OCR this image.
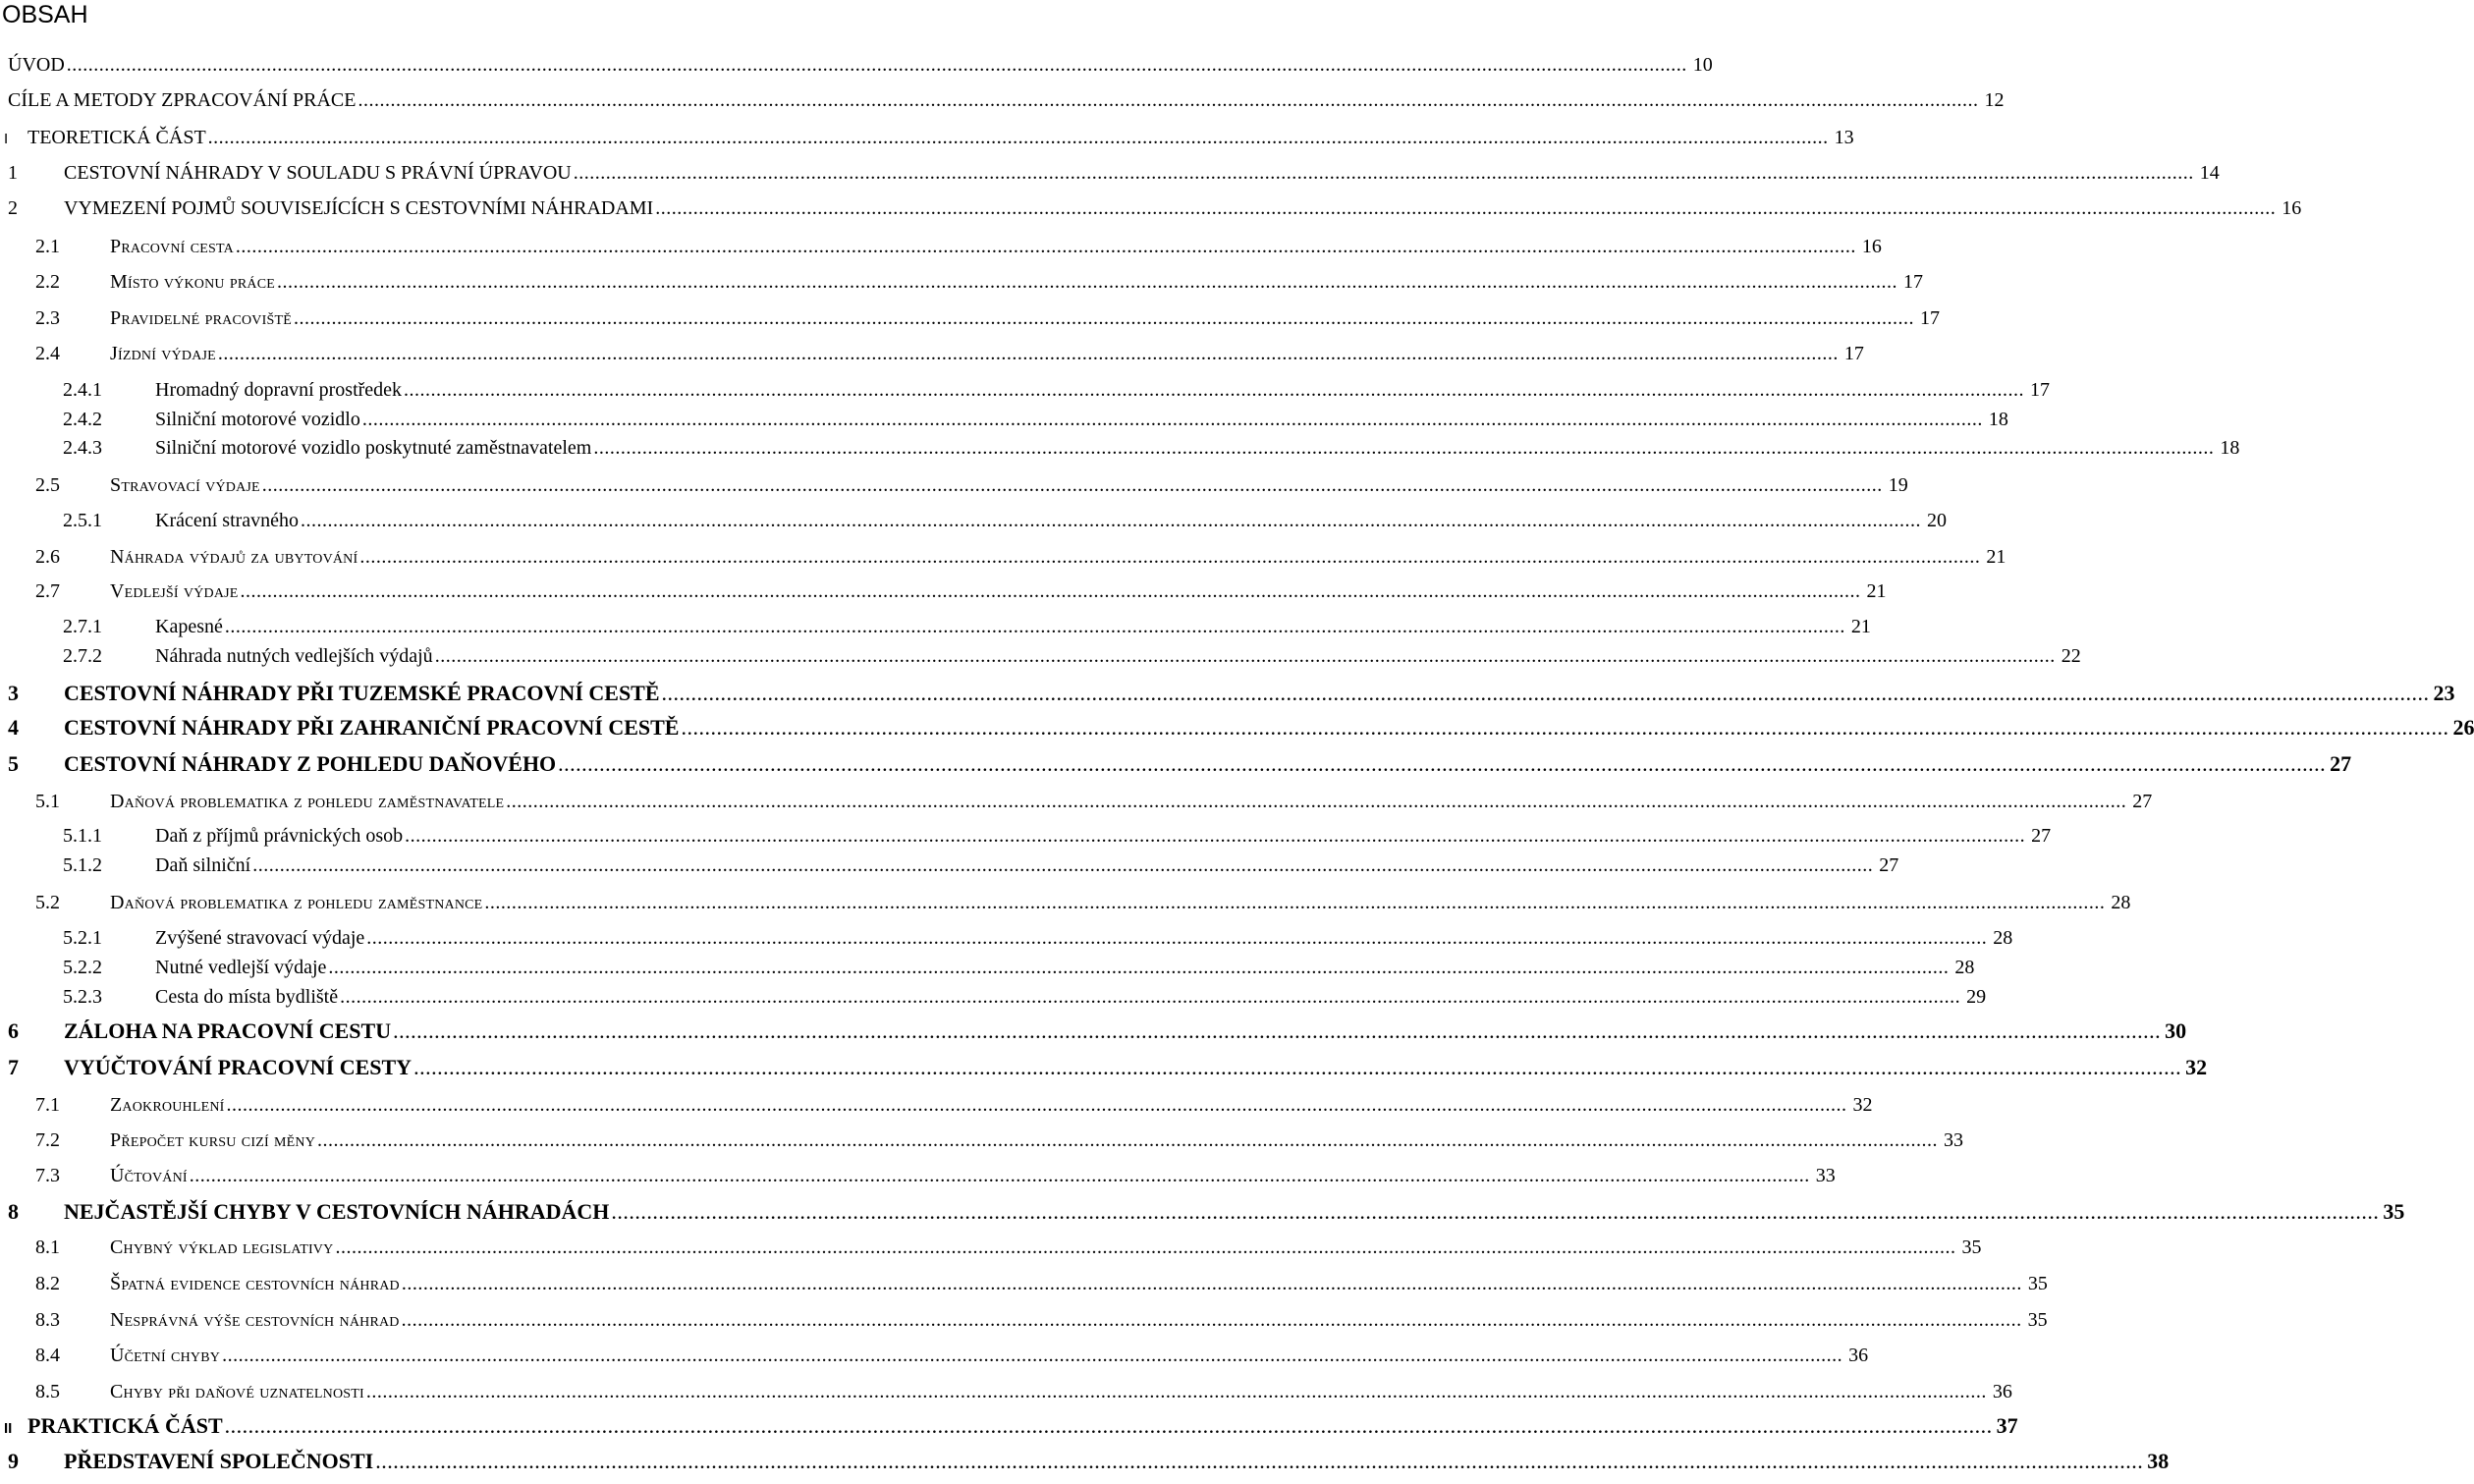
OBSAH
ÚVOD ............................................................................................................................................................................................................................................................................................................ 10
CÍLE A METODY ZPRACOVÁNÍ PRÁCE ............................................................................................................................................................................................................................................................................................................ 12
I TEORETICKÁ ČÁST ............................................................................................................................................................................................................................................................................................................ 13
1 CESTOVNÍ NÁHRADY V SOULADU S PRÁVNÍ ÚPRAVOU ............................................................................................................................................................................................................................................................................................................ 14
2 VYMEZENÍ POJMŮ SOUVISEJÍCÍCH S CESTOVNÍMI NÁHRADAMI ............................................................................................................................................................................................................................................................................................................ 16
2.1	Pracovní cesta ............................................................................................................................................................................................................................................................................................................ 16
2.2	Místo výkonu práce ............................................................................................................................................................................................................................................................................................................ 17
2.3	Pravidelné pracoviště ............................................................................................................................................................................................................................................................................................................ 17
2.4	Jízdní výdaje ............................................................................................................................................................................................................................................................................................................ 17
2.4.1	Hromadný dopravní prostředek ............................................................................................................................................................................................................................................................................................................ 17
2.4.2	Silniční motorové vozidlo ............................................................................................................................................................................................................................................................................................................ 18
2.4.3	Silniční motorové vozidlo poskytnuté zaměstnavatelem ............................................................................................................................................................................................................................................................................................................ 18
2.5	Stravovací výdaje ............................................................................................................................................................................................................................................................................................................ 19
2.5.1	Krácení stravného ............................................................................................................................................................................................................................................................................................................ 20
2.6	Náhrada výdajů za ubytování ............................................................................................................................................................................................................................................................................................................ 21
2.7	Vedlejší výdaje ............................................................................................................................................................................................................................................................................................................ 21
2.7.1	Kapesné ............................................................................................................................................................................................................................................................................................................ 21
2.7.2	Náhrada nutných vedlejších výdajů ............................................................................................................................................................................................................................................................................................................ 22
3 CESTOVNÍ NÁHRADY PŘI TUZEMSKÉ PRACOVNÍ CESTĚ ............................................................................................................................................................................................................................................................................................................ 23
4 CESTOVNÍ NÁHRADY PŘI ZAHRANIČNÍ PRACOVNÍ CESTĚ ............................................................................................................................................................................................................................................................................................................ 26
5 CESTOVNÍ NÁHRADY Z POHLEDU DAŇOVÉHO ............................................................................................................................................................................................................................................................................................................ 27
5.1	Daňová problematika z pohledu zaměstnavatele ............................................................................................................................................................................................................................................................................................................ 27
5.1.1	Daň z příjmů právnických osob ............................................................................................................................................................................................................................................................................................................ 27
5.1.2	Daň silniční ............................................................................................................................................................................................................................................................................................................ 27
5.2	Daňová problematika z pohledu zaměstnance ............................................................................................................................................................................................................................................................................................................ 28
5.2.1	Zvýšené stravovací výdaje ............................................................................................................................................................................................................................................................................................................ 28
5.2.2	Nutné vedlejší výdaje ............................................................................................................................................................................................................................................................................................................ 28
5.2.3	Cesta do místa bydliště ............................................................................................................................................................................................................................................................................................................ 29
6 ZÁLOHA NA PRACOVNÍ CESTU ............................................................................................................................................................................................................................................................................................................ 30
7 VYÚČTOVÁNÍ PRACOVNÍ CESTY ............................................................................................................................................................................................................................................................................................................ 32
7.1	Zaokrouhlení ............................................................................................................................................................................................................................................................................................................ 32
7.2	Přepočet kursu cizí měny ............................................................................................................................................................................................................................................................................................................ 33
7.3	Účtování ............................................................................................................................................................................................................................................................................................................ 33
8 NEJČASTĚJŠÍ CHYBY V CESTOVNÍCH NÁHRADÁCH ............................................................................................................................................................................................................................................................................................................ 35
8.1	Chybný výklad legislativy ............................................................................................................................................................................................................................................................................................................ 35
8.2	Špatná evidence cestovních náhrad ............................................................................................................................................................................................................................................................................................................ 35
8.3	Nesprávná výše cestovních náhrad ............................................................................................................................................................................................................................................................................................................ 35
8.4	Účetní chyby ............................................................................................................................................................................................................................................................................................................ 36
8.5	Chyby při daňové uznatelnosti ............................................................................................................................................................................................................................................................................................................ 36
II PRAKTICKÁ ČÁST ............................................................................................................................................................................................................................................................................................................ 37
9 PŘEDSTAVENÍ SPOLEČNOSTI ............................................................................................................................................................................................................................................................................................................ 38
